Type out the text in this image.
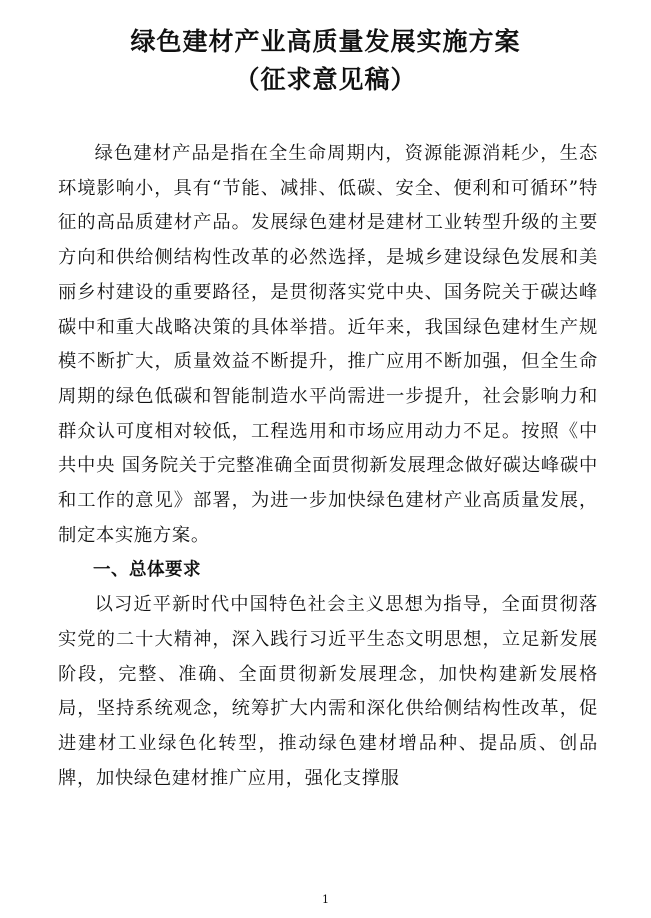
绿色建材产业高质量发展实施方案
（征求意见稿）

绿色建材产品是指在全生命周期内，资源能源消耗少，生态环境影响小，具有“节能、减排、低碳、安全、便利和可循环”特征的高品质建材产品。发展绿色建材是建材工业转型升级的主要方向和供给侧结构性改革的必然选择，是城乡建设绿色发展和美丽乡村建设的重要路径，是贯彻落实党中央、国务院关于碳达峰碳中和重大战略决策的具体举措。近年来，我国绿色建材生产规模不断扩大，质量效益不断提升，推广应用不断加强，但全生命周期的绿色低碳和智能制造水平尚需进一步提升，社会影响力和群众认可度相对较低，工程选用和市场应用动力不足。按照《中共中央 国务院关于完整准确全面贯彻新发展理念做好碳达峰碳中和工作的意见》部署，为进一步加快绿色建材产业高质量发展，制定本实施方案。

一、总体要求

以习近平新时代中国特色社会主义思想为指导，全面贯彻落实党的二十大精神，深入践行习近平生态文明思想，立足新发展阶段，完整、准确、全面贯彻新发展理念，加快构建新发展格局，坚持系统观念，统筹扩大内需和深化供给侧结构性改革，促进建材工业绿色化转型，推动绿色建材增品种、提品质、创品牌，加快绿色建材推广应用，强化支撑服

1
